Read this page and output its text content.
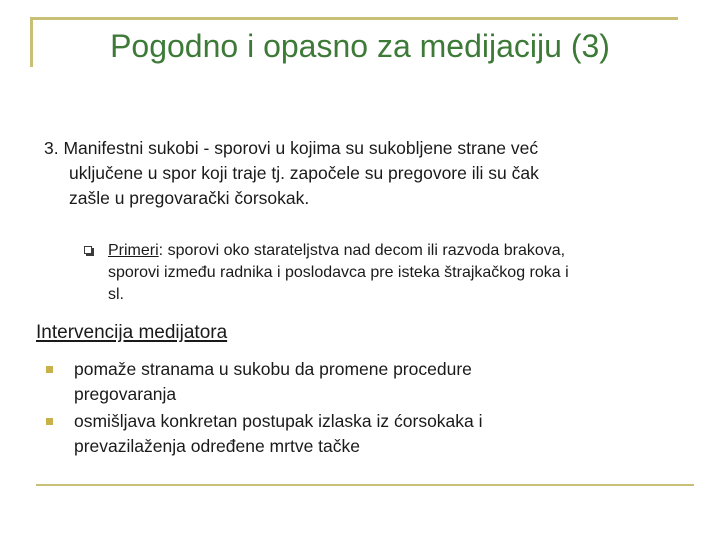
Pogodno i opasno za medijaciju (3)
3. Manifestni sukobi - sporovi u kojima su sukobljene strane već
uključene u spor koji traje tj. započele su pregovore ili su čak
zašle u pregovarački čorsokak.
Primeri: sporovi oko starateljstva nad decom ili razvoda brakova,
sporovi između radnika i poslodavca pre isteka štrajkačkog roka i
sl.
Intervencija medijatora
pomaže stranama u sukobu da promene procedure
pregovaranja
osmišljava konkretan postupak izlaska iz ćorsokaka i
prevazilaženja određene mrtve tačke
